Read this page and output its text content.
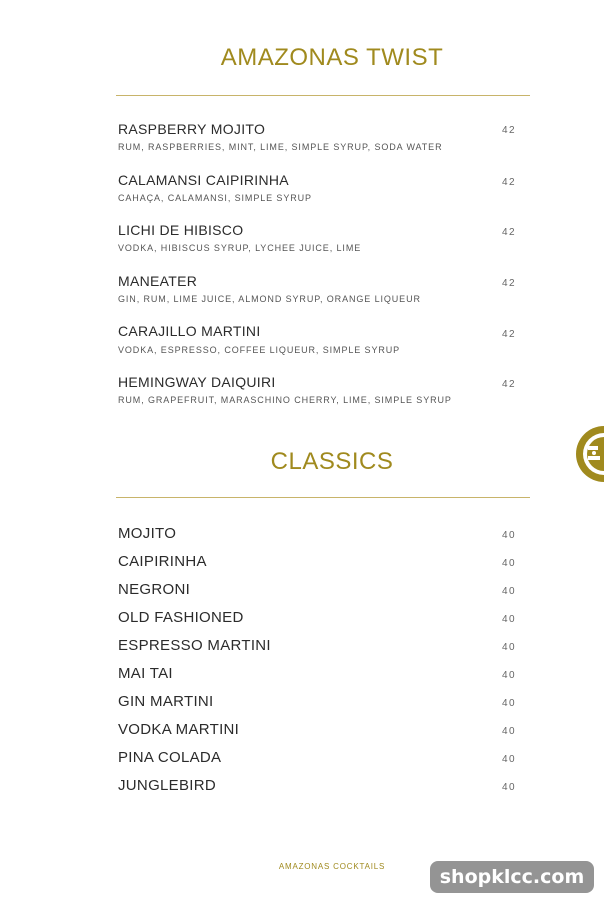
AMAZONAS TWIST
RASPBERRY MOJITO
RUM, RASPBERRIES, MINT, LIME, SIMPLE SYRUP, SODA WATER
42
CALAMANSI CAIPIRINHA
CAHAÇA, CALAMANSI, SIMPLE SYRUP
42
LICHI DE HIBISCO
VODKA, HIBISCUS SYRUP, LYCHEE JUICE, LIME
42
MANEATER
GIN, RUM, LIME JUICE, ALMOND SYRUP, ORANGE LIQUEUR
42
CARAJILLO MARTINI
VODKA, ESPRESSO, COFFEE LIQUEUR, SIMPLE SYRUP
42
HEMINGWAY DAIQUIRI
RUM, GRAPEFRUIT, MARASCHINO CHERRY, LIME, SIMPLE SYRUP
42
CLASSICS
MOJITO	40
CAIPIRINHA	40
NEGRONI	40
OLD FASHIONED	40
ESPRESSO MARTINI	40
MAI TAI	40
GIN MARTINI	40
VODKA MARTINI	40
PINA COLADA	40
JUNGLEBIRD	40
AMAZONAS COCKTAILS	shopklcc.com
